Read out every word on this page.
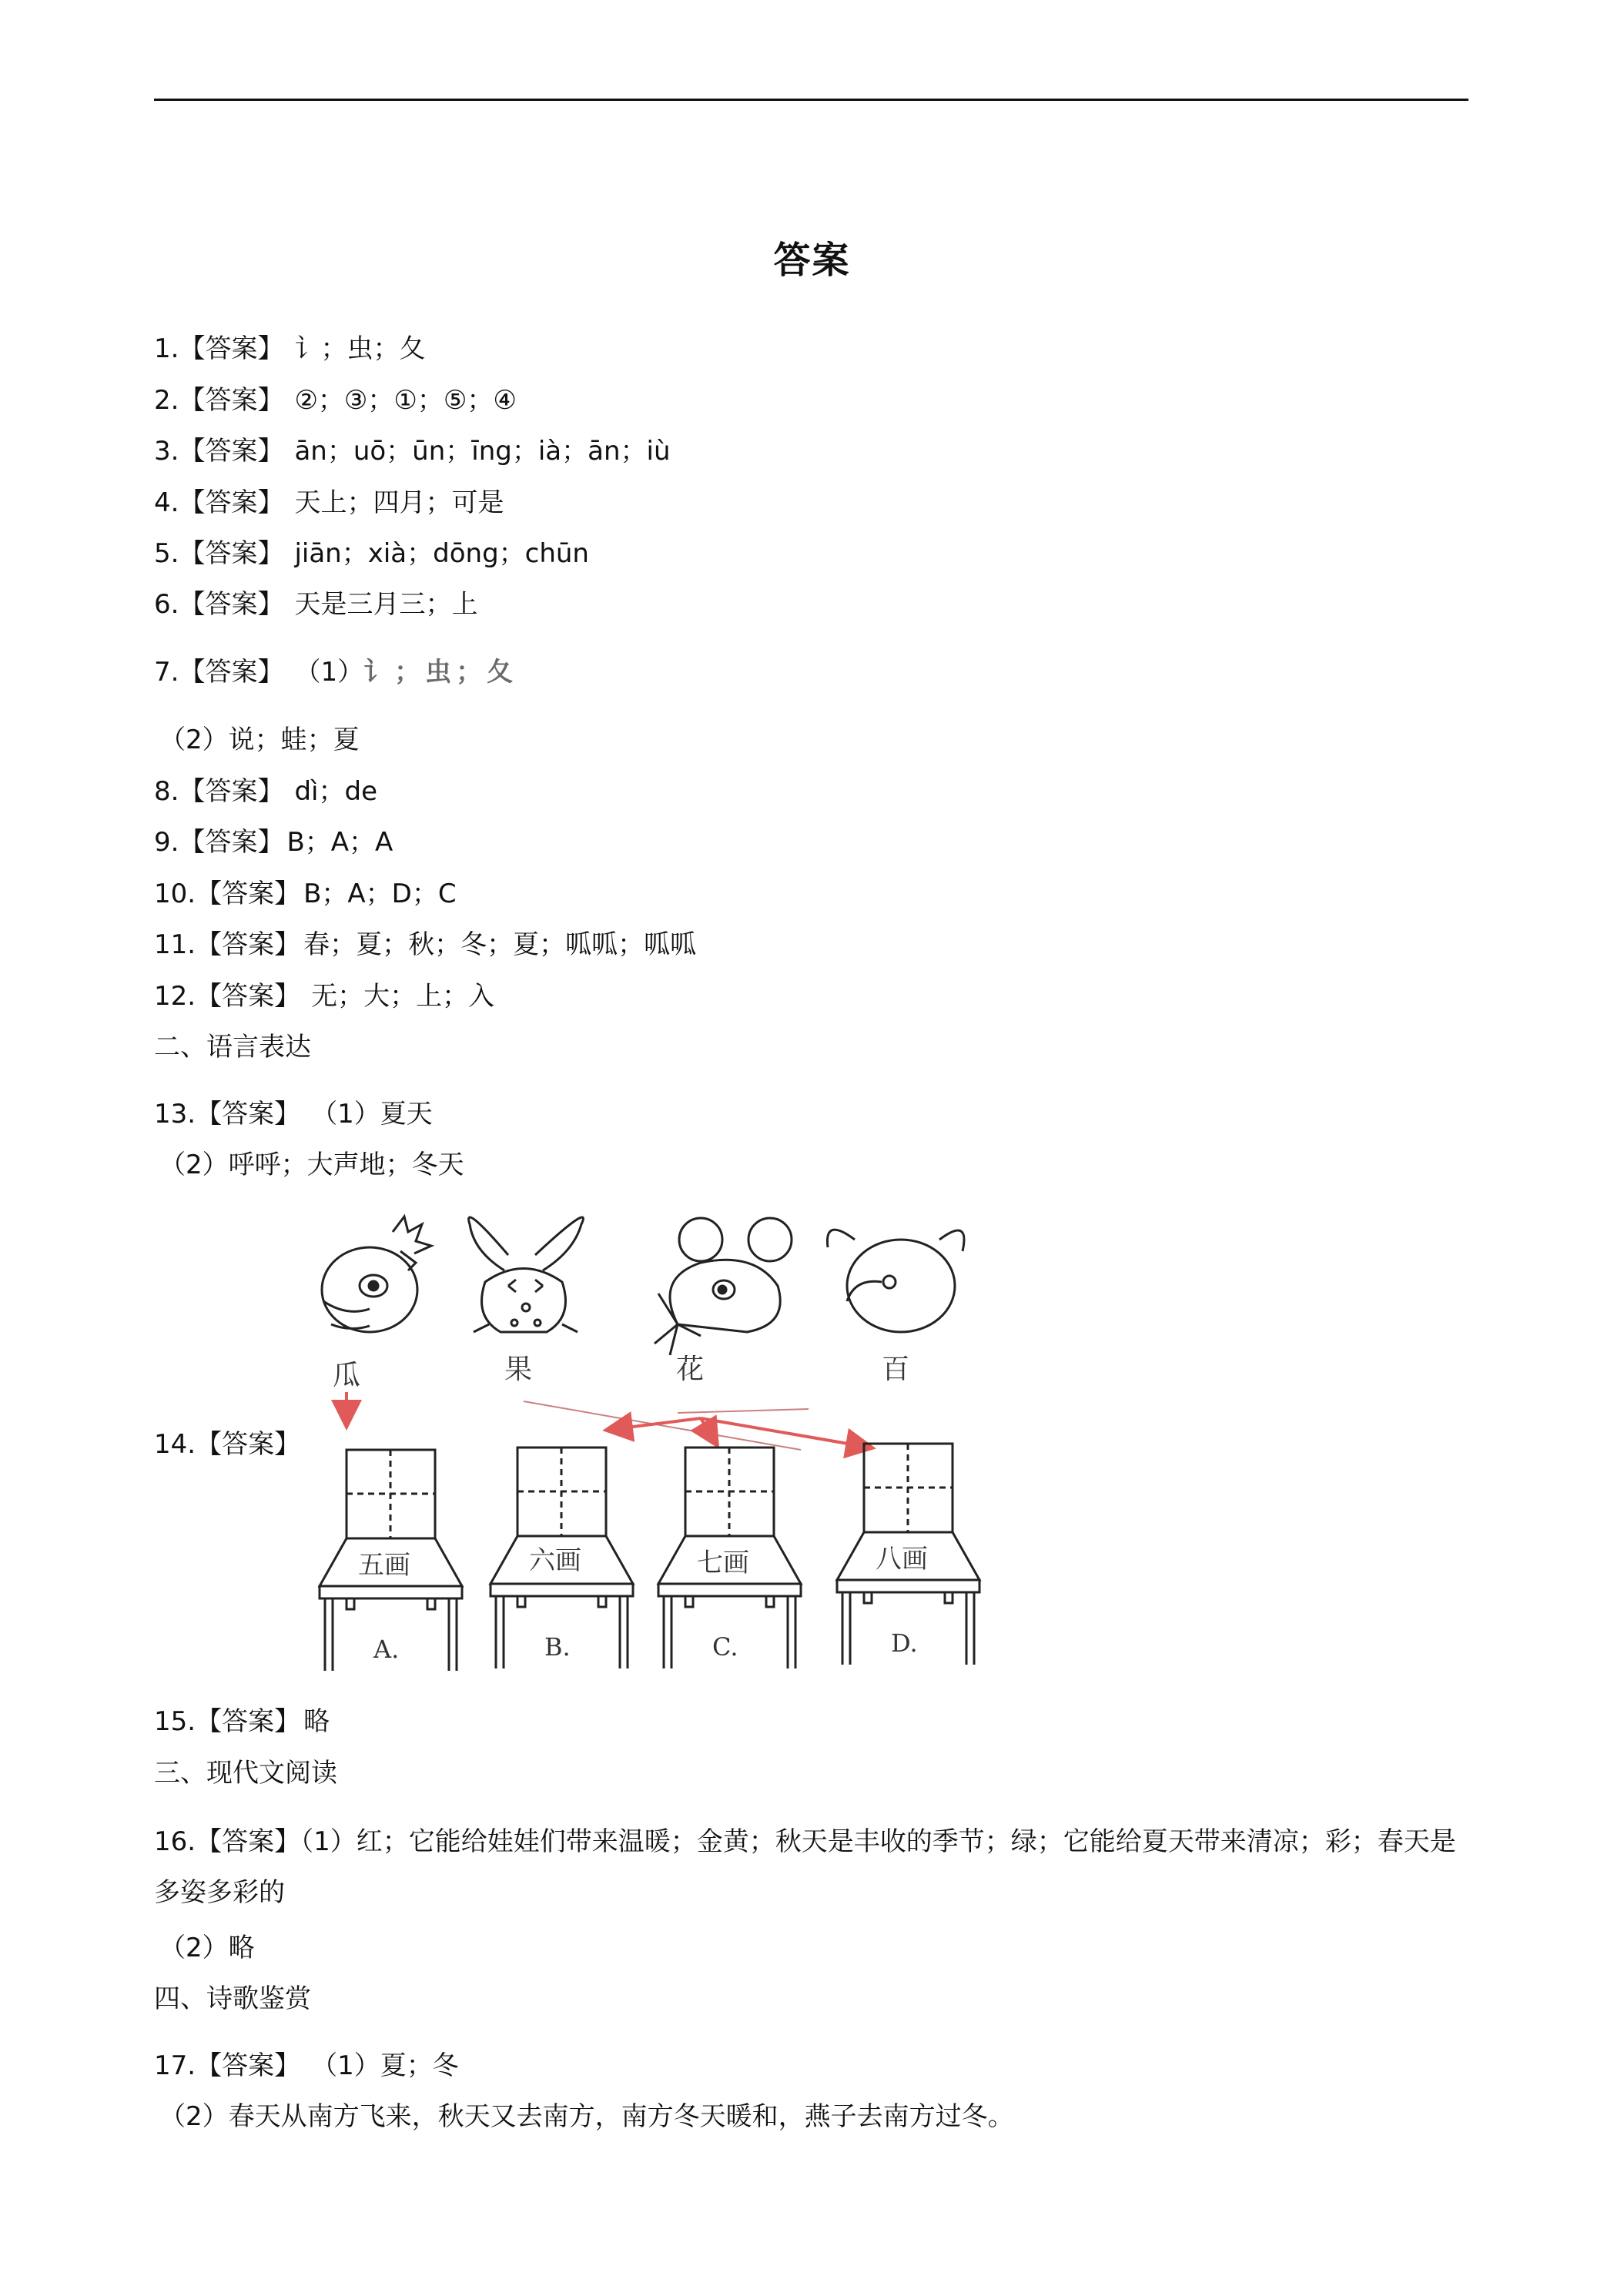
答案
1.【答案】 讠；虫；夂
2.【答案】 ②；③；①；⑤；④
3.【答案】 ān；uō；ūn；īng；ià；ān；iù
4.【答案】 天上；四月；可是
5.【答案】 jiān；xià；dōng；chūn
6.【答案】 天是三月三；上
7.【答案】 （1）讠；虫；夂
（2）说；蛙；夏
8.【答案】 dì；de
9.【答案】 B；A；A
10.【答案】 B；A；D；C
11.【答案】 春；夏；秋；冬；夏；呱呱；呱呱
12.【答案】 无；大；上；入
二、语言表达
13.【答案】 （1）夏天
（2）呼呼；大声地；冬天
14.【答案】
瓜	果	花	百
五画	六画	七画	八画
A.	B.	C.	D.
15.【答案】 略
三、现代文阅读
16.【答案】（1）红；它能给娃娃们带来温暖；金黄；秋天是丰收的季节；绿；它能给夏天带来清凉；彩；春天是多姿多彩的
（2）略
四、诗歌鉴赏
17.【答案】 （1）夏；冬
（2）春天从南方飞来，秋天又去南方，南方冬天暖和，燕子去南方过冬。
